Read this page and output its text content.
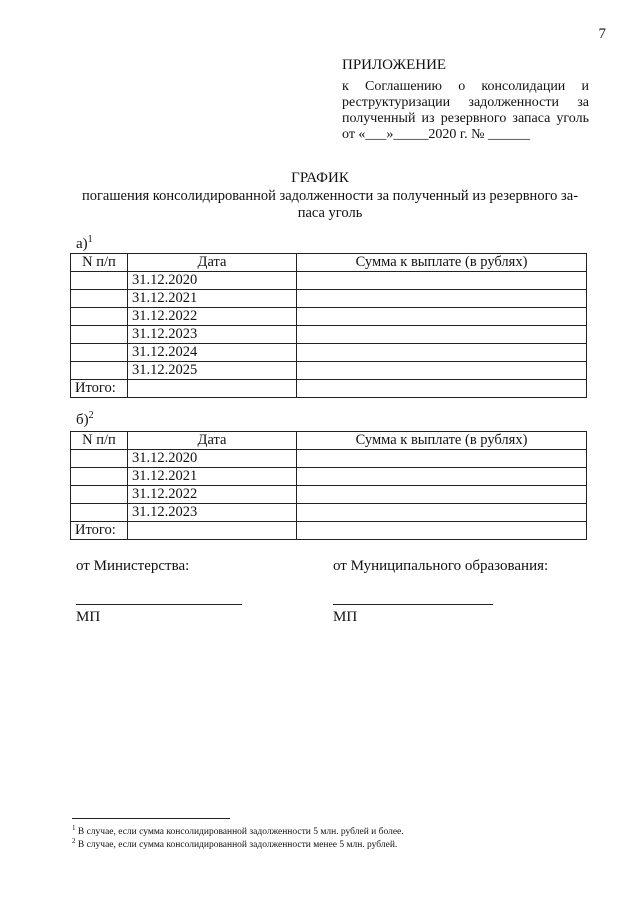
7
ПРИЛОЖЕНИЕ
к Соглашению о консолидации и реструктуризации задолженности за полученный из резервного запаса уголь от «___»_____2020 г. № ______
ГРАФИК
погашения консолидированной задолженности за полученный из резервного за-паса уголь
а)$^1$
N п/п	Дата	Сумма к выплате (в рублях)
	31.12.2020	
	31.12.2021	
	31.12.2022	
	31.12.2023	
	31.12.2024	
	31.12.2025	
Итого:		
б)$^2$
N п/п	Дата	Сумма к выплате (в рублях)
	31.12.2020	
	31.12.2021	
	31.12.2022	
	31.12.2023	
Итого:		
от Министерства:	от Муниципального образования:
МП	МП
$^1$ В случае, если сумма консолидированной задолженности 5 млн. рублей и более.
$^2$ В случае, если сумма консолидированной задолженности менее 5 млн. рублей.
